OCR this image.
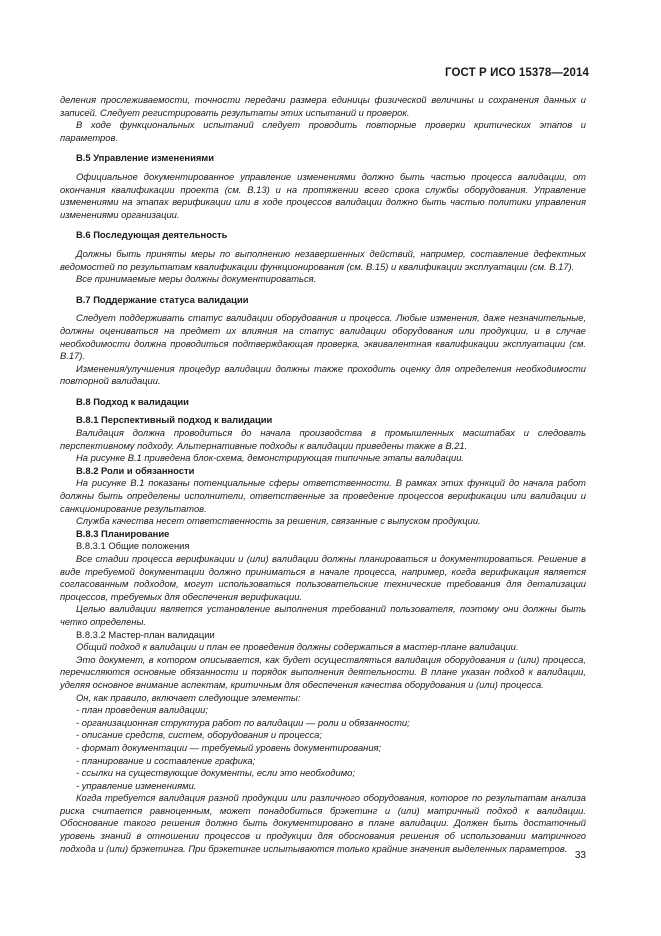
ГОСТ Р ИСО 15378—2014

деления прослеживаемости, точности передачи размера единицы физической величины и сохранения данных и записей. Следует регистрировать результаты этих испытаний и проверок.

В ходе функциональных испытаний следует проводить повторные проверки критических этапов и параметров.

В.5 Управление изменениями

Официальное документированное управление изменениями должно быть частью процесса валидации, от окончания квалификации проекта (см. В.13) и на протяжении всего срока службы оборудования. Управление изменениями на этапах верификации или в ходе процессов валидации должно быть частью политики управления изменениями организации.

В.6 Последующая деятельность

Должны быть приняты меры по выполнению незавершенных действий, например, составление дефектных ведомостей по результатам квалификации функционирования (см. В.15) и квалификации эксплуатации (см. В.17).

Все принимаемые меры должны документироваться.

В.7 Поддержание статуса валидации

Следует поддерживать статус валидации оборудования и процесса. Любые изменения, даже незначительные, должны оцениваться на предмет их влияния на статус валидации оборудования или продукции, и в случае необходимости должна проводиться подтверждающая проверка, эквивалентная квалификации эксплуатации (см. В.17).

Изменения/улучшения процедур валидации должны также проходить оценку для определения необходимости повторной валидации.

В.8 Подход к валидации

В.8.1 Перспективный подход к валидации

Валидация должна проводиться до начала производства в промышленных масштабах и следовать перспективному подходу. Альтернативные подходы к валидации приведены также в В.21.

На рисунке В.1 приведена блок-схема, демонстрирующая типичные этапы валидации.

В.8.2 Роли и обязанности

На рисунке В.1 показаны потенциальные сферы ответственности. В рамках этих функций до начала работ должны быть определены исполнители, ответственные за проведение процессов верификации или валидации и санкционирование результатов.

Служба качества несет ответственность за решения, связанные с выпуском продукции.

В.8.3 Планирование

В.8.3.1 Общие положения

Все стадии процесса верификации и (или) валидации должны планироваться и документироваться. Решение в виде требуемой документации должно приниматься в начале процесса, например, когда верификация является согласованным подходом, могут использоваться пользовательские технические требования для детализации процессов, требуемых для обеспечения верификации.

Целью валидации является установление выполнения требований пользователя, поэтому они должны быть четко определены.

В.8.3.2 Мастер-план валидации

Общий подход к валидации и план ее проведения должны содержаться в мастер-плане валидации.

Это документ, в котором описывается, как будет осуществляться валидация оборудования и (или) процесса, перечисляются основные обязанности и порядок выполнения деятельности. В плане указан подход к валидации, уделяя основное внимание аспектам, критичным для обеспечения качества оборудования и (или) процесса.

Он, как правило, включает следующие элементы:

- план проведения валидации;

- организационная структура работ по валидации — роли и обязанности;

- описание средств, систем, оборудования и процесса;

- формат документации — требуемый уровень документирования;

- планирование и составление графика;

- ссылки на существующие документы, если это необходимо;

- управление изменениями.

Когда требуется валидация разной продукции или различного оборудования, которое по результатам анализа риска считается равноценным, может понадобиться брэкетинг и (или) матричный подход к валидации. Обоснование такого решения должно быть документировано в плане валидации. Должен быть достаточный уровень знаний в отношении процессов и продукции для обоснования решения об использовании матричного подхода и (или) брэкетинга. При брэкетинге испытываются только крайние значения выделенных параметров.

33
